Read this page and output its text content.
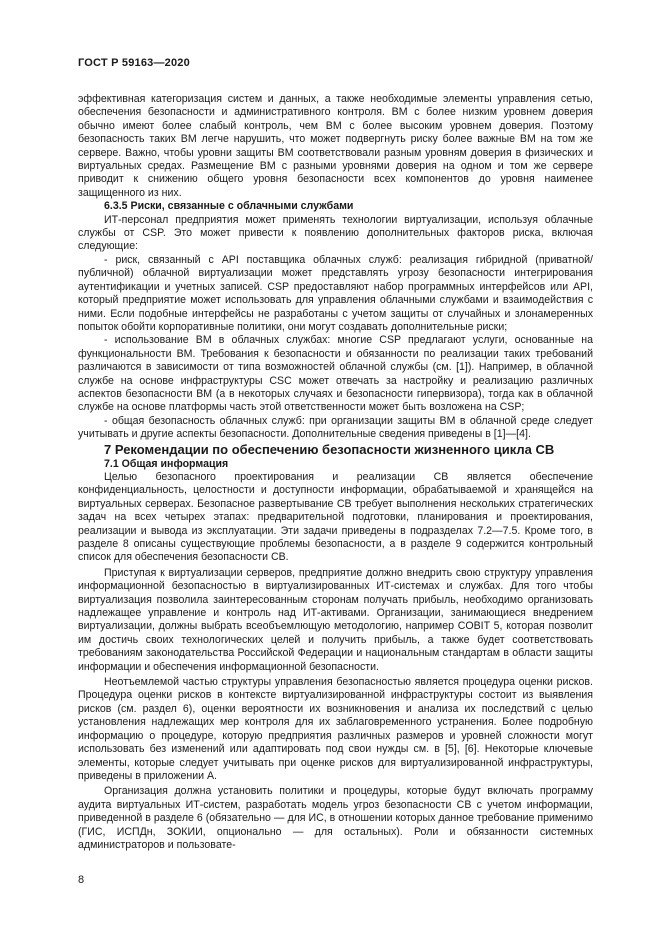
ГОСТ Р 59163—2020

эффективная категоризация систем и данных, а также необходимые элементы управления сетью, обеспечения безопасности и административного контроля. ВМ с более низким уровнем доверия обычно имеют более слабый контроль, чем ВМ с более высоким уровнем доверия. Поэтому безопасность таких ВМ легче нарушить, что может подвергнуть риску более важные ВМ на том же сервере. Важно, чтобы уровни защиты ВМ соответствовали разным уровням доверия в физических и виртуальных средах. Размещение ВМ с разными уровнями доверия на одном и том же сервере приводит к снижению общего уровня безопасности всех компонентов до уровня наименее защищенного из них.

6.3.5 Риски, связанные с облачными службами

ИТ-персонал предприятия может применять технологии виртуализации, используя облачные службы от CSP. Это может привести к появлению дополнительных факторов риска, включая следующие:

- риск, связанный с API поставщика облачных служб: реализация гибридной (приватной/публичной) облачной виртуализации может представлять угрозу безопасности интегрирования аутентификации и учетных записей. CSP предоставляют набор программных интерфейсов или API, который предприятие может использовать для управления облачными службами и взаимодействия с ними. Если подобные интерфейсы не разработаны с учетом защиты от случайных и злонамеренных попыток обойти корпоративные политики, они могут создавать дополнительные риски;

- использование ВМ в облачных службах: многие CSP предлагают услуги, основанные на функциональности ВМ. Требования к безопасности и обязанности по реализации таких требований различаются в зависимости от типа возможностей облачной службы (см. [1]). Например, в облачной службе на основе инфраструктуры CSC может отвечать за настройку и реализацию различных аспектов безопасности ВМ (а в некоторых случаях и безопасности гипервизора), тогда как в облачной службе на основе платформы часть этой ответственности может быть возложена на CSP;

- общая безопасность облачных служб: при организации защиты ВМ в облачной среде следует учитывать и другие аспекты безопасности. Дополнительные сведения приведены в [1]—[4].

7 Рекомендации по обеспечению безопасности жизненного цикла СВ

7.1 Общая информация

Целью безопасного проектирования и реализации СВ является обеспечение конфиденциальность, целостности и доступности информации, обрабатываемой и хранящейся на виртуальных серверах. Безопасное развертывание СВ требует выполнения нескольких стратегических задач на всех четырех этапах: предварительной подготовки, планирования и проектирования, реализации и вывода из эксплуатации. Эти задачи приведены в подразделах 7.2—7.5. Кроме того, в разделе 8 описаны существующие проблемы безопасности, а в разделе 9 содержится контрольный список для обеспечения безопасности СВ.

Приступая к виртуализации серверов, предприятие должно внедрить свою структуру управления информационной безопасностью в виртуализированных ИТ-системах и службах. Для того чтобы виртуализация позволила заинтересованным сторонам получать прибыль, необходимо организовать надлежащее управление и контроль над ИТ-активами. Организации, занимающиеся внедрением виртуализации, должны выбрать всеобъемлющую методологию, например COBIT 5, которая позволит им достичь своих технологических целей и получить прибыль, а также будет соответствовать требованиям законодательства Российской Федерации и национальным стандартам в области защиты информации и обеспечения информационной безопасности.

Неотъемлемой частью структуры управления безопасностью является процедура оценки рисков. Процедура оценки рисков в контексте виртуализированной инфраструктуры состоит из выявления рисков (см. раздел 6), оценки вероятности их возникновения и анализа их последствий с целью установления надлежащих мер контроля для их заблаговременного устранения. Более подробную информацию о процедуре, которую предприятия различных размеров и уровней сложности могут использовать без изменений или адаптировать под свои нужды см. в [5], [6]. Некоторые ключевые элементы, которые следует учитывать при оценке рисков для виртуализированной инфраструктуры, приведены в приложении А.

Организация должна установить политики и процедуры, которые будут включать программу аудита виртуальных ИТ-систем, разработать модель угроз безопасности СВ с учетом информации, приведенной в разделе 6 (обязательно — для ИС, в отношении которых данное требование применимо (ГИС, ИСПДн, ЗОКИИ, опционально — для остальных). Роли и обязанности системных администраторов и пользовате-

8
